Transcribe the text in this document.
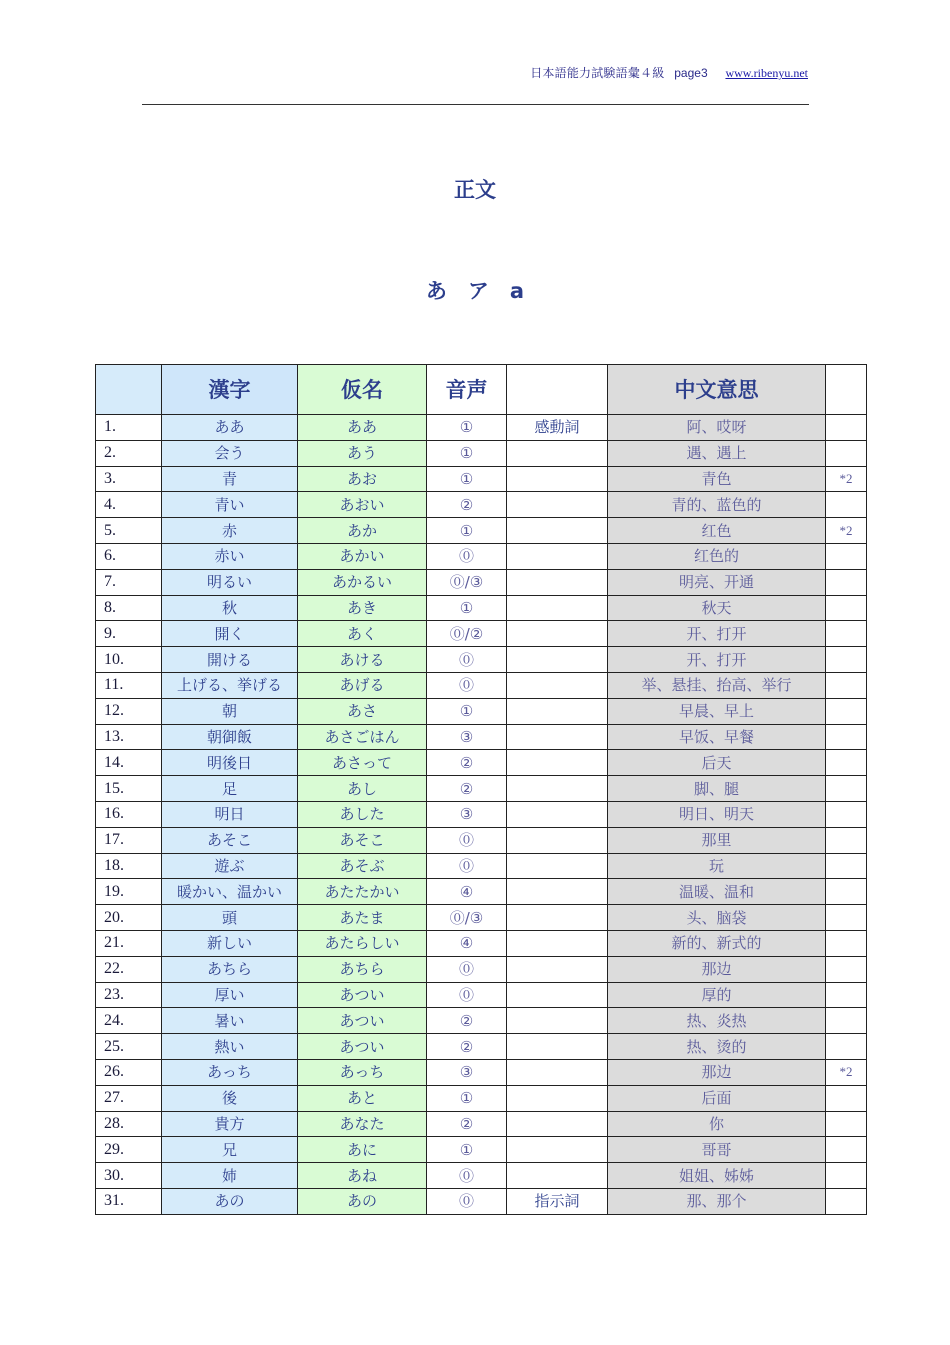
日本語能力試験語彙４級 page3 www.ribenyu.net
正文
あ　ア　a
	漢字	仮名	音声		中文意思	
1.	ああ	ああ	①	感動詞	阿、哎呀	
2.	会う	あう	①		遇、遇上	
3.	青	あお	①		青色	*2
4.	青い	あおい	②		青的、蓝色的	
5.	赤	あか	①		红色	*2
6.	赤い	あかい	⓪		红色的	
7.	明るい	あかるい	⓪/③		明亮、开通	
8.	秋	あき	①		秋天	
9.	開く	あく	⓪/②		开、打开	
10.	開ける	あける	⓪		开、打开	
11.	上げる、挙げる	あげる	⓪		举、悬挂、抬高、举行	
12.	朝	あさ	①		早晨、早上	
13.	朝御飯	あさごはん	③		早饭、早餐	
14.	明後日	あさって	②		后天	
15.	足	あし	②		脚、腿	
16.	明日	あした	③		明日、明天	
17.	あそこ	あそこ	⓪		那里	
18.	遊ぶ	あそぶ	⓪		玩	
19.	暖かい、温かい	あたたかい	④		温暖、温和	
20.	頭	あたま	⓪/③		头、脑袋	
21.	新しい	あたらしい	④		新的、新式的	
22.	あちら	あちら	⓪		那边	
23.	厚い	あつい	⓪		厚的	
24.	暑い	あつい	②		热、炎热	
25.	熱い	あつい	②		热、烫的	
26.	あっち	あっち	③		那边	*2
27.	後	あと	①		后面	
28.	貴方	あなた	②		你	
29.	兄	あに	①		哥哥	
30.	姉	あね	⓪		姐姐、姊姊	
31.	あの	あの	⓪	指示詞	那、那个	
